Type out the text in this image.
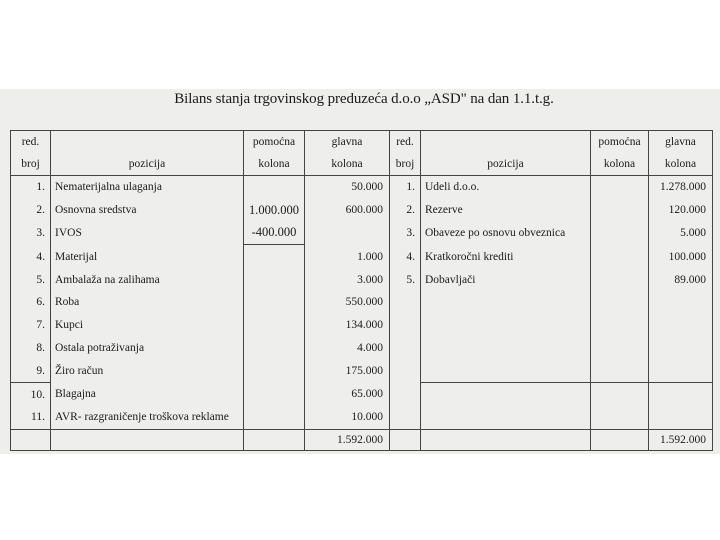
Bilans stanja trgovinskog preduzeća d.o.o „ASD" na dan 1.1.t.g.
red.		pomoćna	glavna	red.		pomoćna	glavna
broj	pozicija	kolona	kolona	broj	pozicija	kolona	kolona
1.	Nematerijalna ulaganja		50.000	1.	Udeli d.o.o.		1.278.000
2.	Osnovna sredstva	1.000.000	600.000	2.	Rezerve		120.000
3.	IVOS	-400.000		3.	Obaveze po osnovu obveznica		5.000
4.	Materijal		1.000	4.	Kratkoročni krediti		100.000
5.	Ambalaža na zalihama		3.000	5.	Dobavljači		89.000
6.	Roba		550.000				
7.	Kupci		134.000				
8.	Ostala potraživanja		4.000				
9.	Žiro račun		175.000				
10.	Blagajna		65.000				
11.	AVR- razgraničenje troškova reklame		10.000				
			1.592.000				1.592.000
